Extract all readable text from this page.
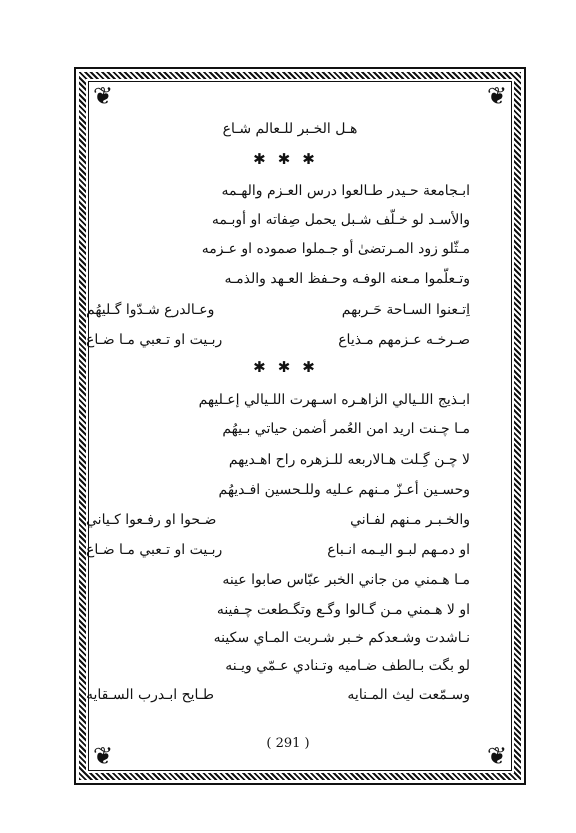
❦	❦
❦	❦
هـل الخـبر للـعالم شـاع
✱✱✱
ابـجامعة حـيدر طـالعوا درس العـزم والهـمه
والأسـد لو خـلّف شـبل يحمل صِفاته او أوبـمه
مـثّلو زود المـرتضىٰ أو جـملوا صموده او عـزمه
وتـعلّموا مـعنه الوفـه وحـفظ العـهد والذمـه
اِتـعنوا السـاحة حَـربهم
وعـالدرع شـدّوا گـليهُم
صـرخـه عـزمهم مـذياع
ربـيت او تـعبي مـا ضـاع
✱✱✱
ابـذيج اللـيالي الزاهـره اسـهرت اللـيالي إعـليهم
مـا چـنت اريد امن العُمر أضمن حياتي بـيهُم
لا چـن گِـلت هـالاربعه للـزهره راح اهـديهم
وحسـين أعـزّ مـنهم عـليه وللـحسين افـديهُم
والخـبـر مـنهم لفـاني
ضـحوا او رفـعوا كـياني
او دمـهم لبـو اليـمه انـباع
ربـيت او تـعبي مـا ضـاع
مـا هـمني من جاني الخبر عبّاس صابوا عينه
او لا هـمني مـن گـالوا وگـع وتگـطعت چـفينه
نـاشدت وشـعدكم خـبر شـربت المـاي سكينه
لو بگت بـالطف ضـاميه وتـنادي عـمّي ويـنه
وسـمّعت ليث المـنايه
طـايح ابـدرب السـقايه
( 291 )
